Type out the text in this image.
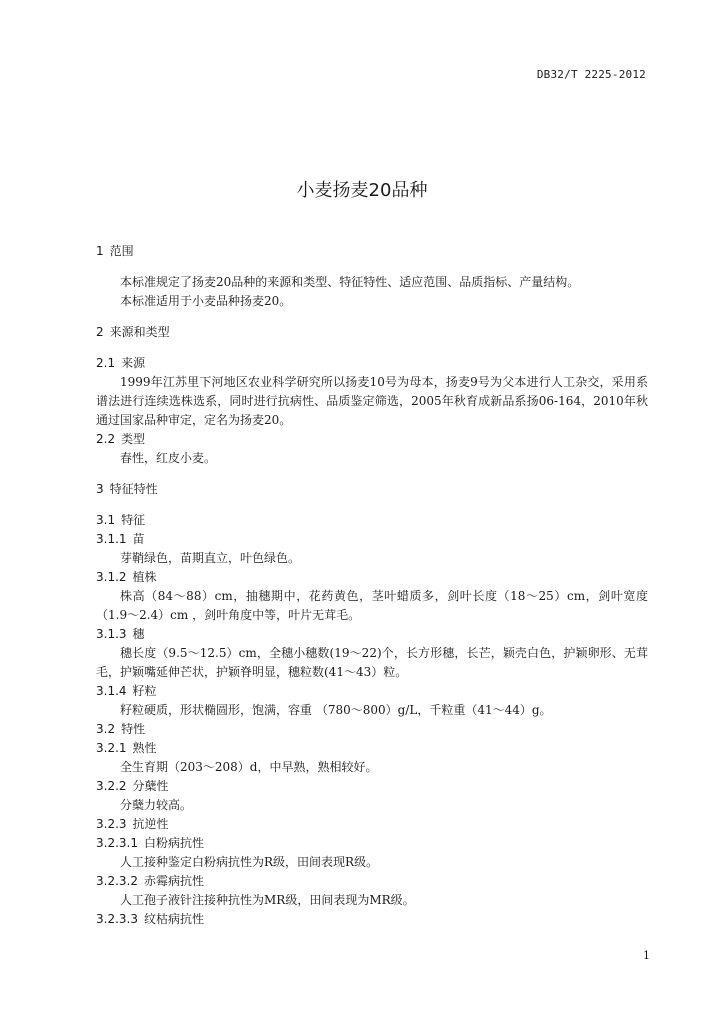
DB32/T 2225-2012
小麦扬麦20品种
1 范围

本标准规定了扬麦20品种的来源和类型、特征特性、适应范围、品质指标、产量结构。

本标准适用于小麦品种扬麦20。

2 来源和类型
2.1 来源

1999年江苏里下河地区农业科学研究所以扬麦10号为母本，扬麦9号为父本进行人工杂交，采用系谱法进行连续选株选系，同时进行抗病性、品质鉴定筛选，2005年秋育成新品系扬06-164，2010年秋通过国家品种审定，定名为扬麦20。

2.2 类型

春性，红皮小麦。

3 特征特性
3.1 特征
3.1.1 苗

芽鞘绿色，苗期直立，叶色绿色。

3.1.2 植株

株高（84～88）cm，抽穗期中，花药黄色，茎叶蜡质多，剑叶长度（18～25）cm，剑叶宽度（1.9～2.4）cm ，剑叶角度中等，叶片无茸毛。

3.1.3 穗

穗长度（9.5～12.5）cm，全穗小穗数(19～22)个，长方形穗，长芒，颖壳白色，护颖卵形、无茸毛，护颖嘴延伸芒状，护颖脊明显，穗粒数(41～43）粒。

3.1.4 籽粒

籽粒硬质，形状椭圆形，饱满，容重 （780～800）g/L，千粒重（41～44）g。

3.2 特性
3.2.1 熟性

全生育期（203～208）d，中早熟，熟相较好。

3.2.2 分蘖性

分蘖力较高。

3.2.3 抗逆性
3.2.3.1 白粉病抗性

人工接种鉴定白粉病抗性为R级，田间表现R级。

3.2.3.2 赤霉病抗性

人工孢子液针注接种抗性为MR级，田间表现为MR级。

3.2.3.3 纹枯病抗性
1
